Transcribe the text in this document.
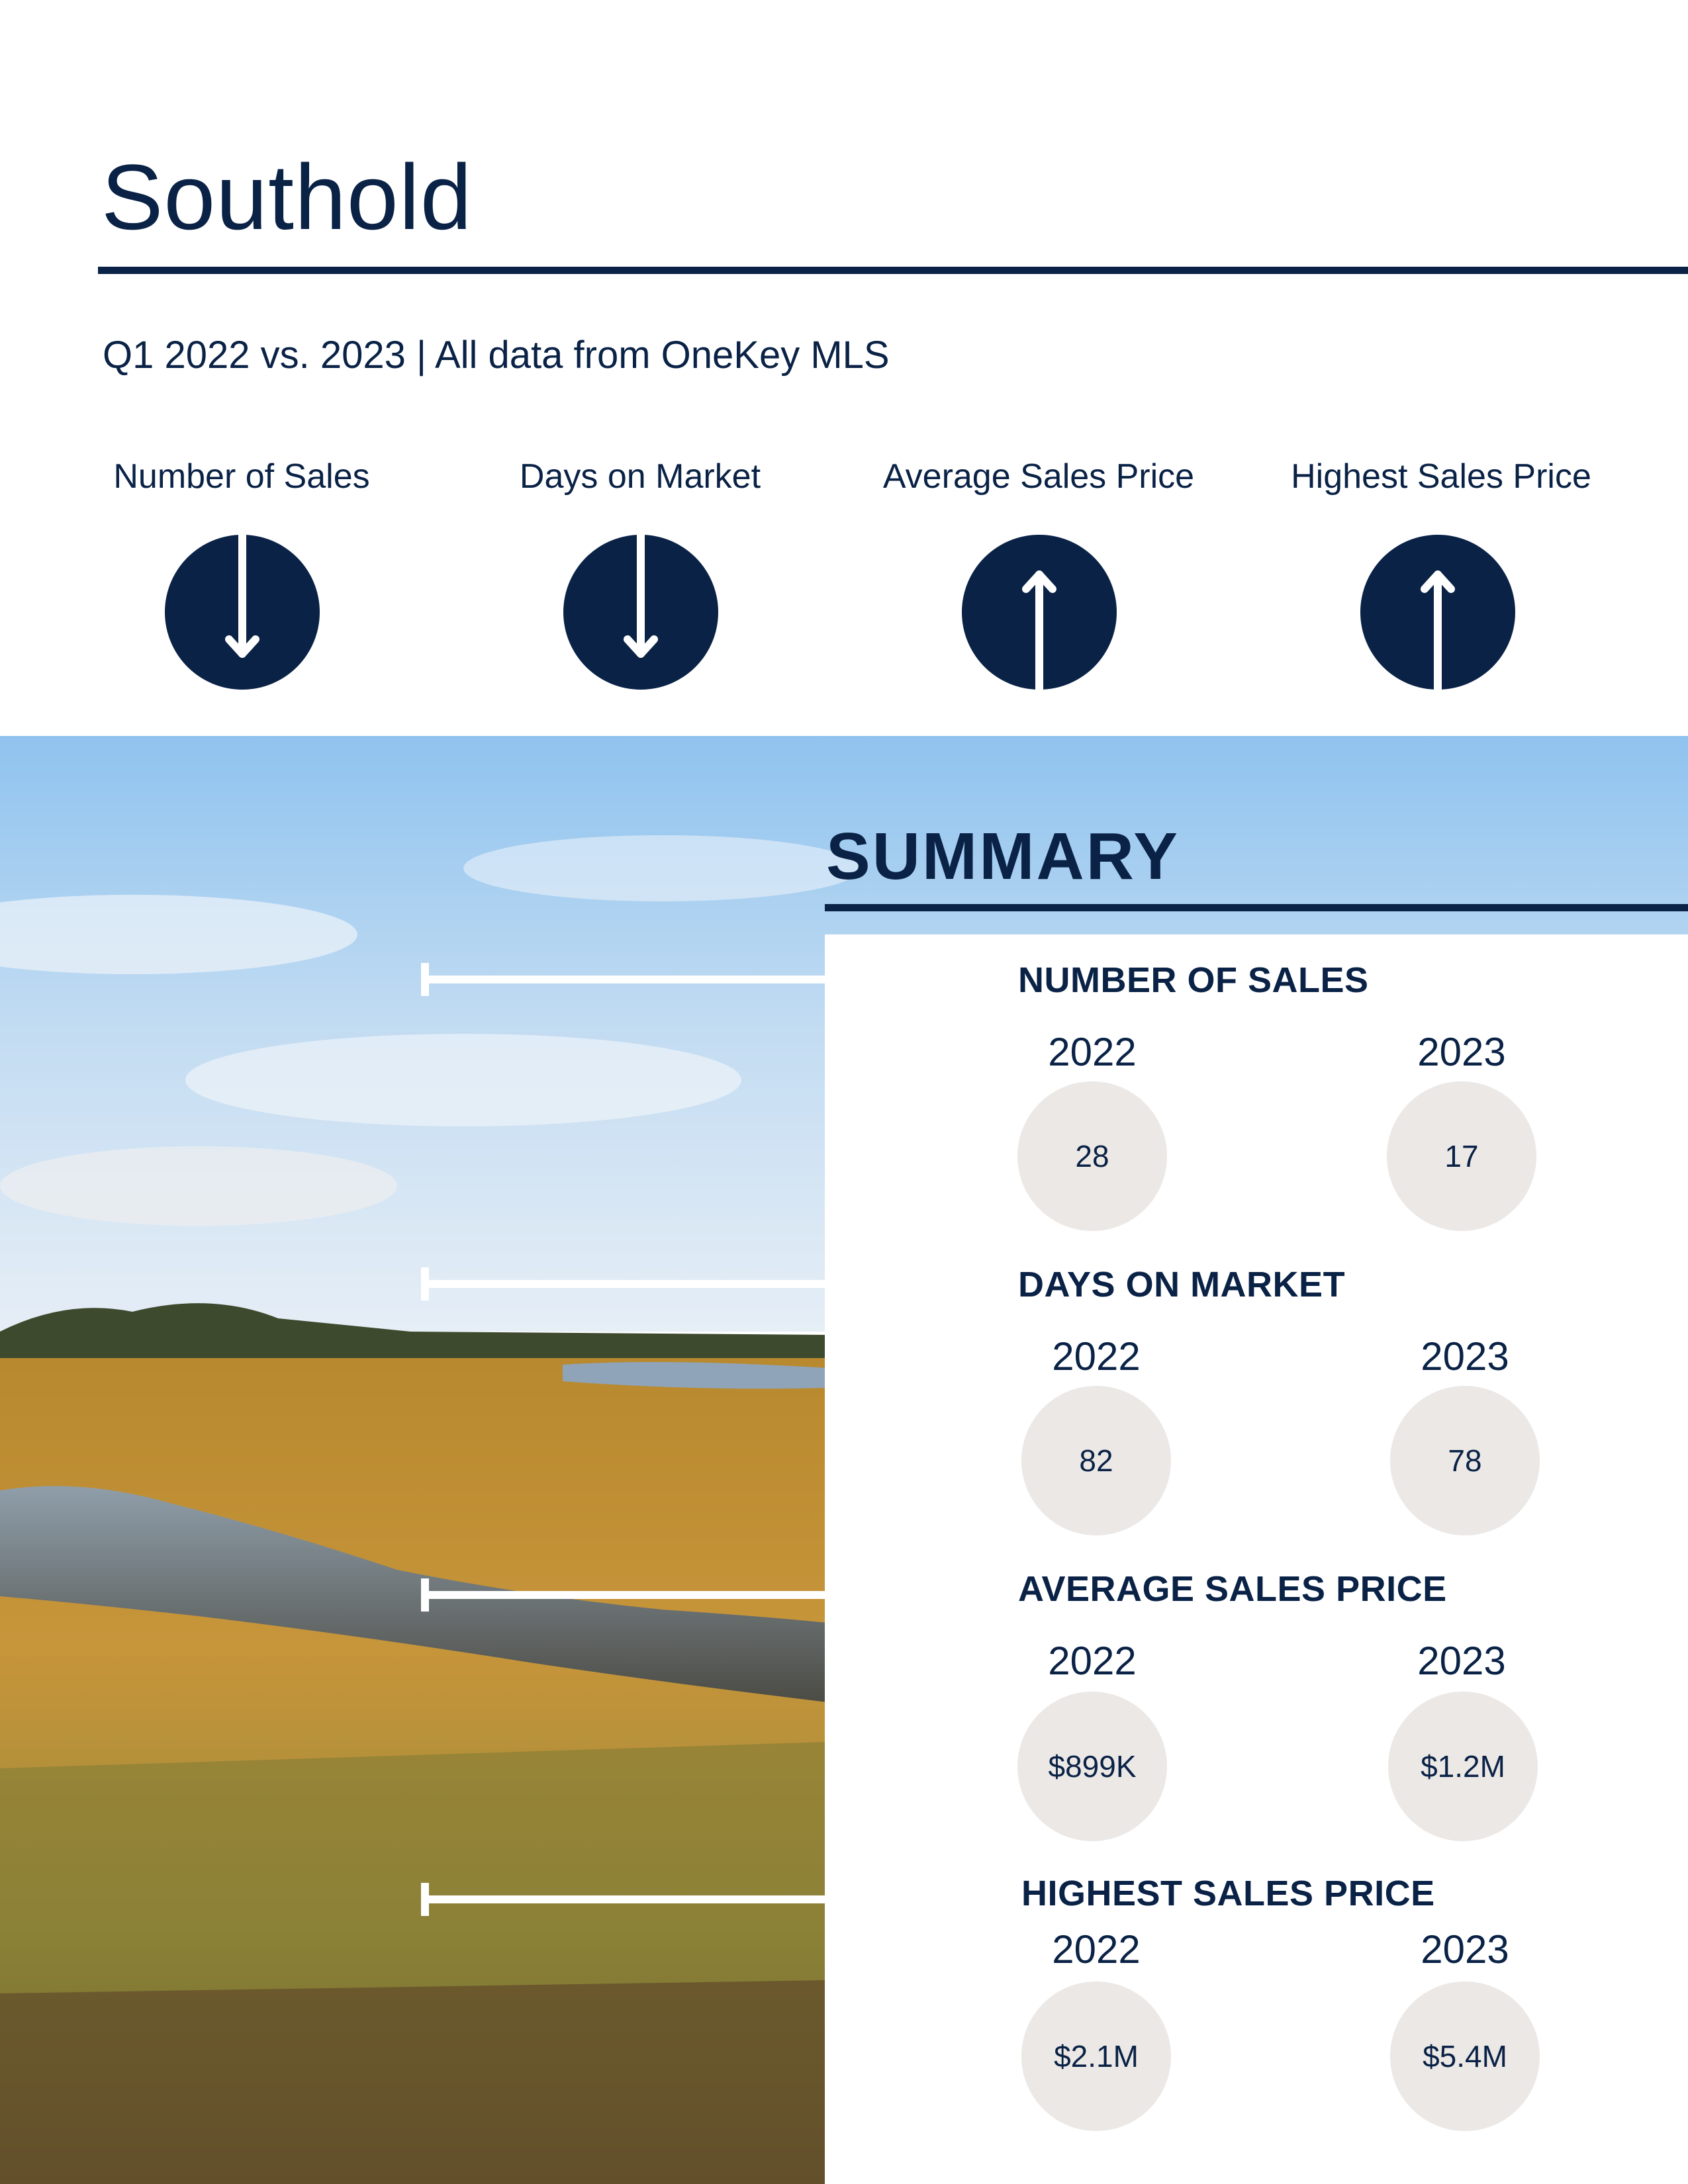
Southold
Q1 2022 vs. 2023 | All data from OneKey MLS
Number of Sales	Days on Market	Average Sales Price	Highest Sales Price
SUMMARY
NUMBER OF SALES
2022	2023
28	17
DAYS ON MARKET
2022	2023
82	78
AVERAGE SALES PRICE
2022	2023
$899K	$1.2M
HIGHEST SALES PRICE
2022	2023
$2.1M	$5.4M
